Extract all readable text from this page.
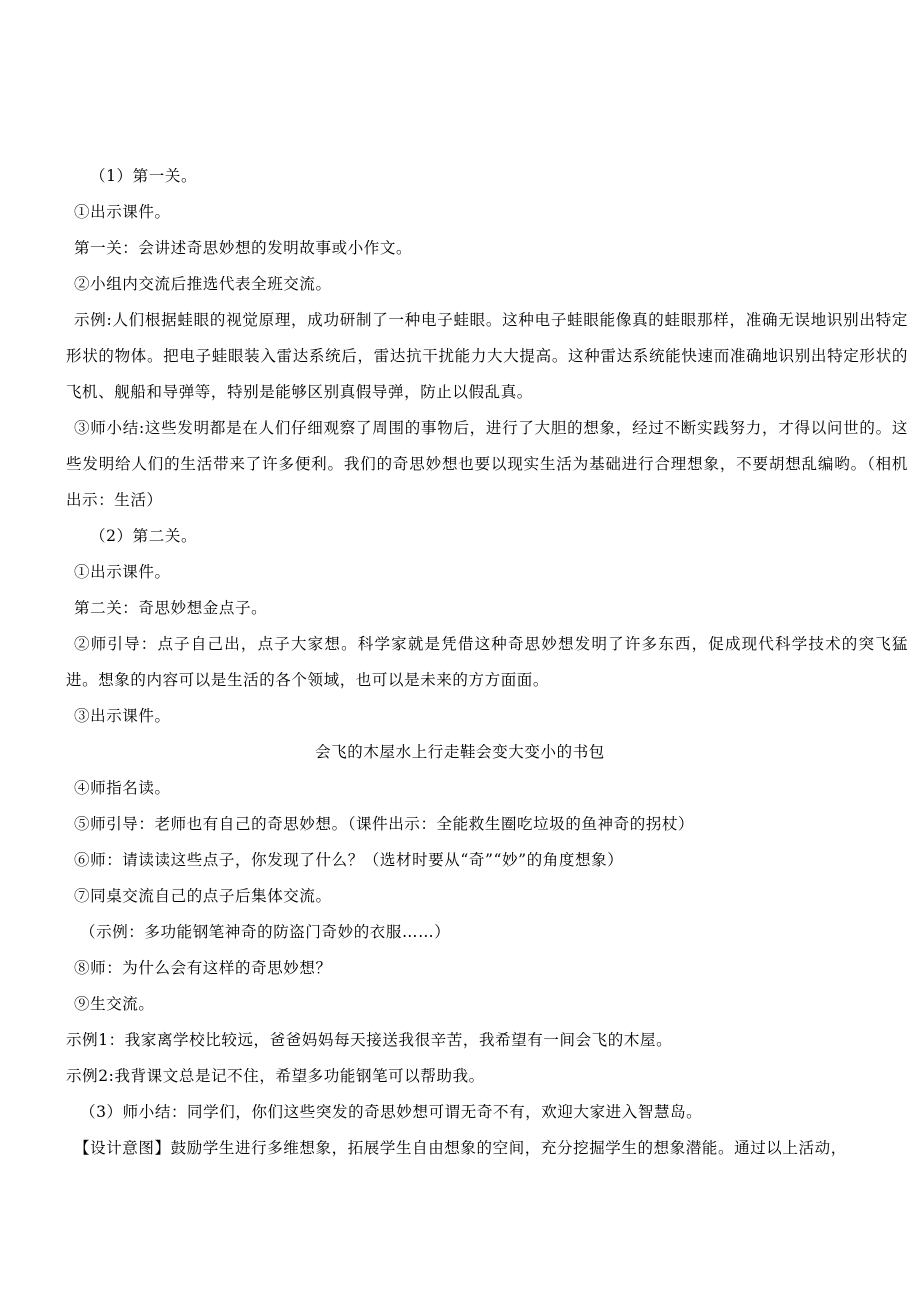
（1）第一关。

①出示课件。

第一关：会讲述奇思妙想的发明故事或小作文。

②小组内交流后推选代表全班交流。

示例:人们根据蛙眼的视觉原理，成功研制了一种电子蛙眼。这种电子蛙眼能像真的蛙眼那样，准确无误地识别出特定形状的物体。把电子蛙眼装入雷达系统后，雷达抗干扰能力大大提高。这种雷达系统能快速而准确地识别出特定形状的飞机、舰船和导弹等，特别是能够区别真假导弹，防止以假乱真。

③师小结:这些发明都是在人们仔细观察了周围的事物后，进行了大胆的想象，经过不断实践努力，才得以问世的。这些发明给人们的生活带来了许多便利。我们的奇思妙想也要以现实生活为基础进行合理想象，不要胡想乱编哟。（相机出示：生活）

（2）第二关。

①出示课件。

第二关：奇思妙想金点子。

②师引导：点子自己出，点子大家想。科学家就是凭借这种奇思妙想发明了许多东西，促成现代科学技术的突飞猛进。想象的内容可以是生活的各个领域，也可以是未来的方方面面。

③出示课件。

会飞的木屋水上行走鞋会变大变小的书包

④师指名读。

⑤师引导：老师也有自己的奇思妙想。（课件出示：全能救生圈吃垃圾的鱼神奇的拐杖）

⑥师：请读读这些点子，你发现了什么？（选材时要从“奇”“妙”的角度想象）

⑦同桌交流自己的点子后集体交流。

（示例：多功能钢笔神奇的防盗门奇妙的衣服……）

⑧师：为什么会有这样的奇思妙想？

⑨生交流。

示例1：我家离学校比较远，爸爸妈妈每天接送我很辛苦，我希望有一间会飞的木屋。

示例2:我背课文总是记不住，希望多功能钢笔可以帮助我。

（3）师小结：同学们，你们这些突发的奇思妙想可谓无奇不有，欢迎大家进入智慧岛。

【设计意图】鼓励学生进行多维想象，拓展学生自由想象的空间，充分挖掘学生的想象潜能。通过以上活动，
